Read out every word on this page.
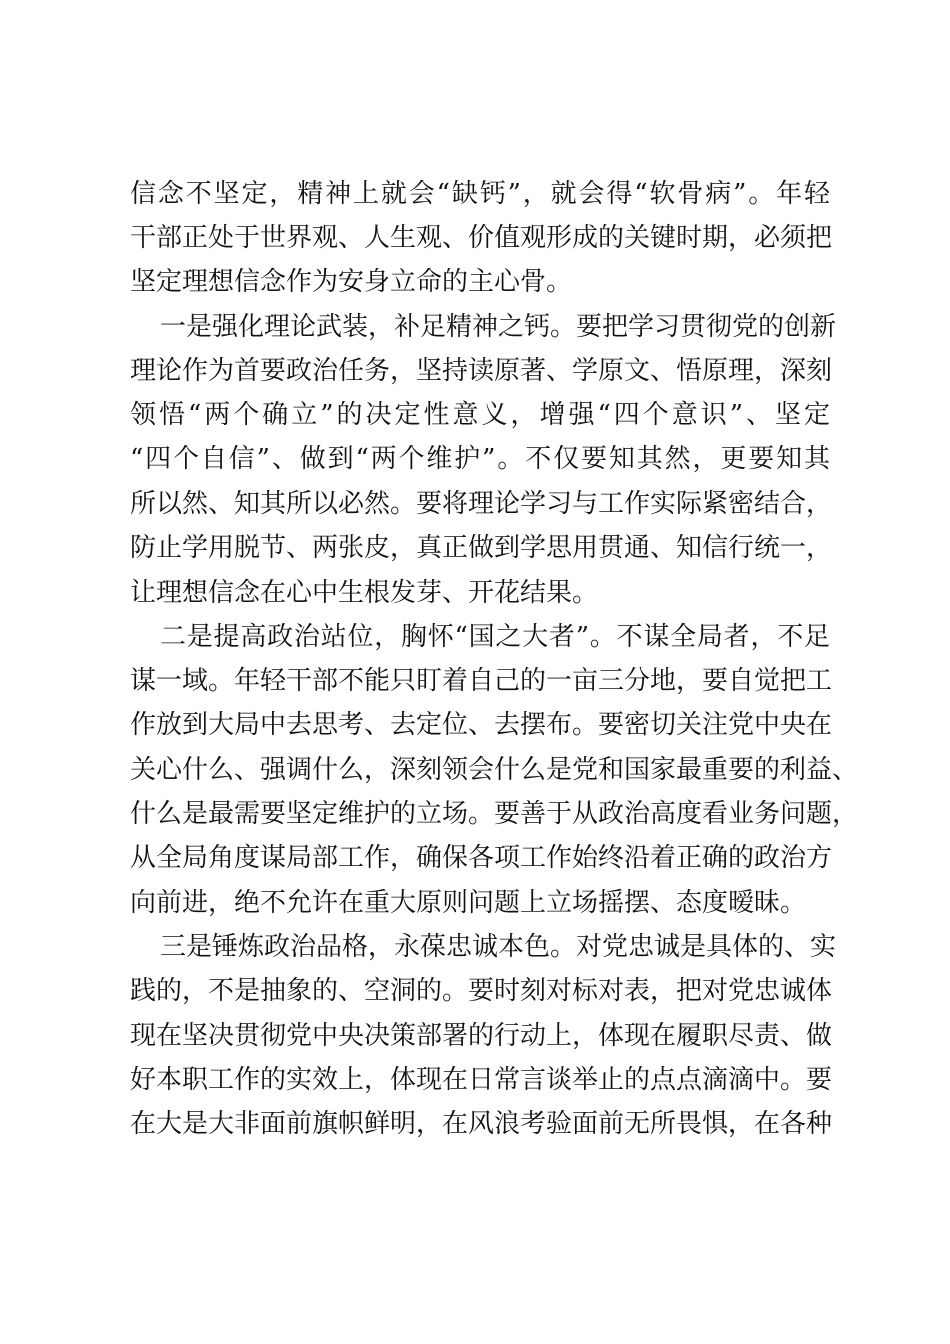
信念不坚定，精神上就会“缺钙”，就会得“软骨病”。年轻
干部正处于世界观、人生观、价值观形成的关键时期，必须把
坚定理想信念作为安身立命的主心骨。
一是强化理论武装，补足精神之钙。要把学习贯彻党的创新
理论作为首要政治任务，坚持读原著、学原文、悟原理，深刻
领悟“两个确立”的决定性意义，增强“四个意识”、坚定
“四个自信”、做到“两个维护”。不仅要知其然，更要知其
所以然、知其所以必然。要将理论学习与工作实际紧密结合，
防止学用脱节、两张皮，真正做到学思用贯通、知信行统一，
让理想信念在心中生根发芽、开花结果。
二是提高政治站位，胸怀“国之大者”。不谋全局者，不足
谋一域。年轻干部不能只盯着自己的一亩三分地，要自觉把工
作放到大局中去思考、去定位、去摆布。要密切关注党中央在
关心什么、强调什么，深刻领会什么是党和国家最重要的利益、
什么是最需要坚定维护的立场。要善于从政治高度看业务问题，
从全局角度谋局部工作，确保各项工作始终沿着正确的政治方
向前进，绝不允许在重大原则问题上立场摇摆、态度暧昧。
三是锤炼政治品格，永葆忠诚本色。对党忠诚是具体的、实
践的，不是抽象的、空洞的。要时刻对标对表，把对党忠诚体
现在坚决贯彻党中央决策部署的行动上，体现在履职尽责、做
好本职工作的实效上，体现在日常言谈举止的点点滴滴中。要
在大是大非面前旗帜鲜明，在风浪考验面前无所畏惧，在各种
